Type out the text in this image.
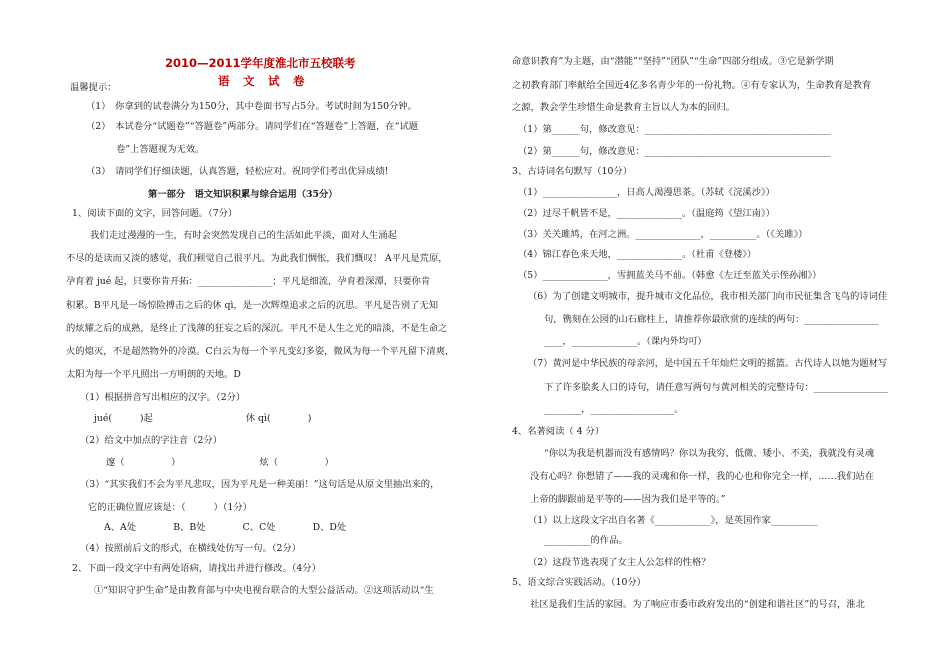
2010—2011学年度淮北市五校联考
语　文　试　卷
温馨提示：
（1）　你拿到的试卷满分为150分，其中卷面书写占5分。考试时间为150分钟。
（2）　本试卷分“试题卷”“答题卷”两部分。请同学们在“答题卷”上答题，在“试题
卷”上答题视为无效。
（3）　请同学们仔细读题，认真答题，轻松应对。祝同学们考出优异成绩!
第一部分　语文知识积累与综合运用（35分）
1、阅读下面的文字，回答问题。（7分）
我们走过漫漫的一生，有时会突然发现自己的生活如此平淡，面对人生涌起
不尽的是读而又淡的感觉，我们顿觉自己很平凡。为此我们惆怅，我们慨叹！ A平凡是荒原，
孕育着 jué 起，只要你肯开拓：________________；平凡是细流，孕育着深潭，只要你肯
积累。B平凡是一场惊险搏击之后的休 qì，是一次辉煌追求之后的沉思。平凡是告别了无知
的炫耀之后的成熟，是终止了浅薄的狂妄之后的深沉。平凡不是人生之光的暗淡，不是生命之
火的熄灭，不是超然物外的冷漠。C白云为每一个平凡变幻多姿，微风为每一个平凡留下清爽，
太阳为每一个平凡照出一方明朗的天地。D
（1）根据拼音写出相应的汉字。（2分）
jué(　　　)起　　　　　　　　　　休 qì(　　　　)
（2）给文中加点的字注音（2分）
邃（　　　　　）　　　　　　　　　炫（　　　　　）
（3）“其实我们不会为平凡悲叹，因为平凡是一种美丽！”这句话是从原文里抽出来的，
它的正确位置应该是：（　　　）（1分）
A、A处　　　　B、B处　　　　C、C处　　　　D、D处
（4）按照前后文的形式，在横线处仿写一句。（2分）
2、下面一段文字中有两处语病，请找出并进行修改。（4分）
①“知识守护生命”是由教育部与中央电视台联合的大型公益活动。②这项活动以“生
命意识教育”为主题，由“潜能”“坚持”“团队”“生命”四部分组成。③它是新学期
之初教育部门率献给全国近4亿多名青少年的一份礼物。④有专家认为，生命教育是教育
之源，教会学生珍惜生命是教育主旨以人为本的回归。
（1）第______句，修改意见：________________________________________
（2）第______句，修改意见：________________________________________
3、古诗词名句默写（10分）
（1）________________，日高人渴漫思茶。（苏轼《浣溪沙》）
（2）过尽千帆皆不是，______________。（温庭筠《望江南》）
（3）关关雎鸠，在河之洲。______________，__________。（《关雎》）
（4）锦江春色来天地，______________。（杜甫《登楼》）
（5）______________，雪拥蓝关马不前。（韩愈《左迁至蓝关示侄孙湘》）
（6）为了创建文明城市，提升城市文化品位，我市相关部门向市民征集含飞鸟的诗词佳
句，镌刻在公园的山石廊柱上，请推荐你最欣赏的连续的两句：________________
____，______________。（课内外均可）
（7）黄河是中华民族的母亲河，是中国五千年灿烂文明的摇篮。古代诗人以她为题材写
下了许多脍炙人口的诗句，请任意写两句与黄河相关的完整诗句：________________
________，__________________。
4、名著阅读（ 4 分）
“你以为我是机器而没有感情吗？你以为我穷、低微、矮小、不美，我就没有灵魂
没有心吗？你想错了——我的灵魂和你一样，我的心也和你完全一样，……我们站在
上帝的脚跟前是平等的——因为我们是平等的。”
（1）以上这段文字出自名著《____________》，是英国作家__________
__________的作品。
（2）这段节选表现了女主人公怎样的性格？
5、语文综合实践活动。（10分）
社区是我们生活的家园。为了响应市委市政府发出的“创建和谐社区”的号召，淮北
